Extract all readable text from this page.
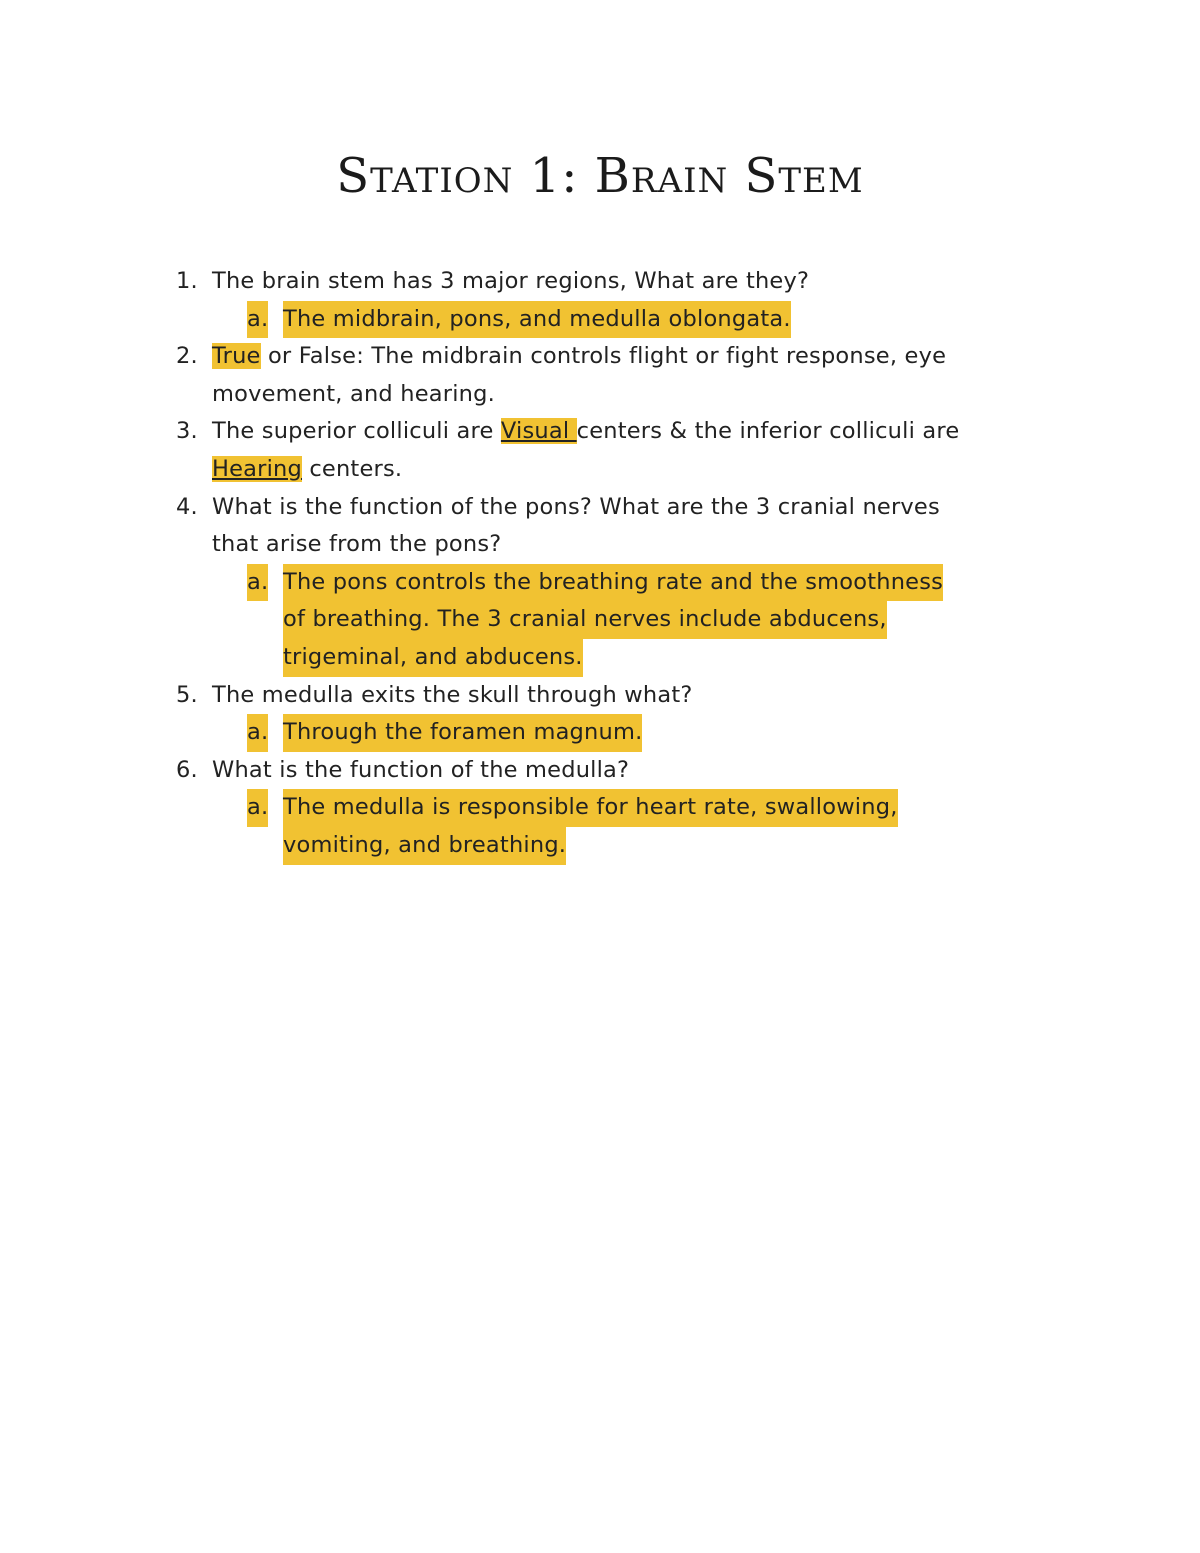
Station 1: Brain Stem
1. The brain stem has 3 major regions, What are they?
a. The midbrain, pons, and medulla oblongata.
2. True or False: The midbrain controls flight or fight response, eye
movement, and hearing.
3. The superior colliculi are Visual centers & the inferior colliculi are
Hearing centers.
4. What is the function of the pons? What are the 3 cranial nerves
that arise from the pons?
a. The pons controls the breathing rate and the smoothness
of breathing. The 3 cranial nerves include abducens,
trigeminal, and abducens.
5. The medulla exits the skull through what?
a. Through the foramen magnum.
6. What is the function of the medulla?
a. The medulla is responsible for heart rate, swallowing,
vomiting, and breathing.
